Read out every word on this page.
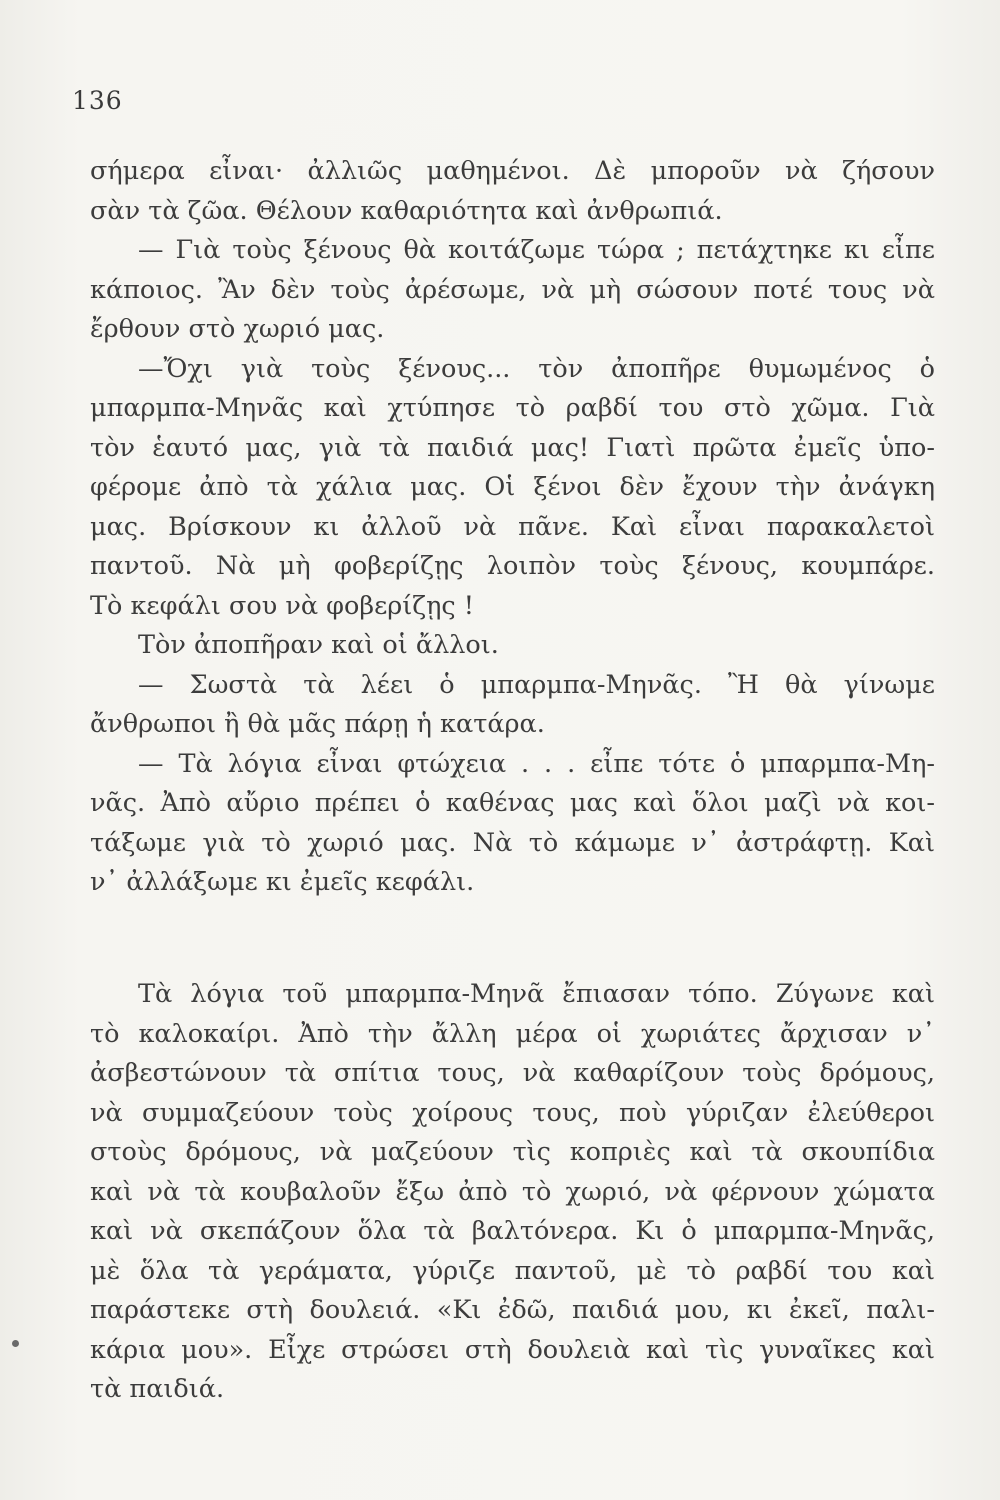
136
σήμερα εἶναι· ἀλλιῶς μαθημένοι. Δὲ μποροῦν νὰ ζήσουν
σὰν τὰ ζῶα. Θέλουν καθαριότητα καὶ ἀνθρωπιά.
— Γιὰ τοὺς ξένους θὰ κοιτάζωμε τώρα ; πετάχτηκε κι εἶπε
κάποιος. Ἂν δὲν τοὺς ἀρέσωμε, νὰ μὴ σώσουν ποτέ τους νὰ
ἔρθουν στὸ χωριό μας.
—Ὄχι γιὰ τοὺς ξένους... τὸν ἀποπῆρε θυμωμένος ὁ
μπαρμπα-Μηνᾶς καὶ χτύπησε τὸ ραβδί του στὸ χῶμα. Γιὰ
τὸν ἑαυτό μας, γιὰ τὰ παιδιά μας! Γιατὶ πρῶτα ἐμεῖς ὑπο-
φέρομε ἀπὸ τὰ χάλια μας. Οἱ ξένοι δὲν ἔχουν τὴν ἀνάγκη
μας. Βρίσκουν κι ἀλλοῦ νὰ πᾶνε. Καὶ εἶναι παρακαλετοὶ
παντοῦ. Νὰ μὴ φοβερίζῃς λοιπὸν τοὺς ξένους, κουμπάρε.
Τὸ κεφάλι σου νὰ φοβερίζῃς !
Τὸν ἀποπῆραν καὶ οἱ ἄλλοι.
— Σωστὰ τὰ λέει ὁ μπαρμπα-Μηνᾶς. Ἢ θὰ γίνωμε
ἄνθρωποι ἢ θὰ μᾶς πάρῃ ἡ κατάρα.
— Τὰ λόγια εἶναι φτώχεια . . . εἶπε τότε ὁ μπαρμπα-Μη-
νᾶς. Ἀπὸ αὔριο πρέπει ὁ καθένας μας καὶ ὅλοι μαζὶ νὰ κοι-
τάξωμε γιὰ τὸ χωριό μας. Νὰ τὸ κάμωμε ν᾿ ἀστράφτῃ. Καὶ
ν᾿ ἀλλάξωμε κι ἐμεῖς κεφάλι.
Τὰ λόγια τοῦ μπαρμπα-Μηνᾶ ἔπιασαν τόπο. Ζύγωνε καὶ
τὸ καλοκαίρι. Ἀπὸ τὴν ἄλλη μέρα οἱ χωριάτες ἄρχισαν ν᾿
ἀσβεστώνουν τὰ σπίτια τους, νὰ καθαρίζουν τοὺς δρόμους,
νὰ συμμαζεύουν τοὺς χοίρους τους, ποὺ γύριζαν ἐλεύθεροι
στοὺς δρόμους, νὰ μαζεύουν τὶς κοπριὲς καὶ τὰ σκουπίδια
καὶ νὰ τὰ κουβαλοῦν ἔξω ἀπὸ τὸ χωριό, νὰ φέρνουν χώματα
καὶ νὰ σκεπάζουν ὅλα τὰ βαλτόνερα. Κι ὁ μπαρμπα-Μηνᾶς,
μὲ ὅλα τὰ γεράματα, γύριζε παντοῦ, μὲ τὸ ραβδί του καὶ
παράστεκε στὴ δουλειά. «Κι ἐδῶ, παιδιά μου, κι ἐκεῖ, παλι-
κάρια μου». Εἶχε στρώσει στὴ δουλειὰ καὶ τὶς γυναῖκες καὶ
τὰ παιδιά.
